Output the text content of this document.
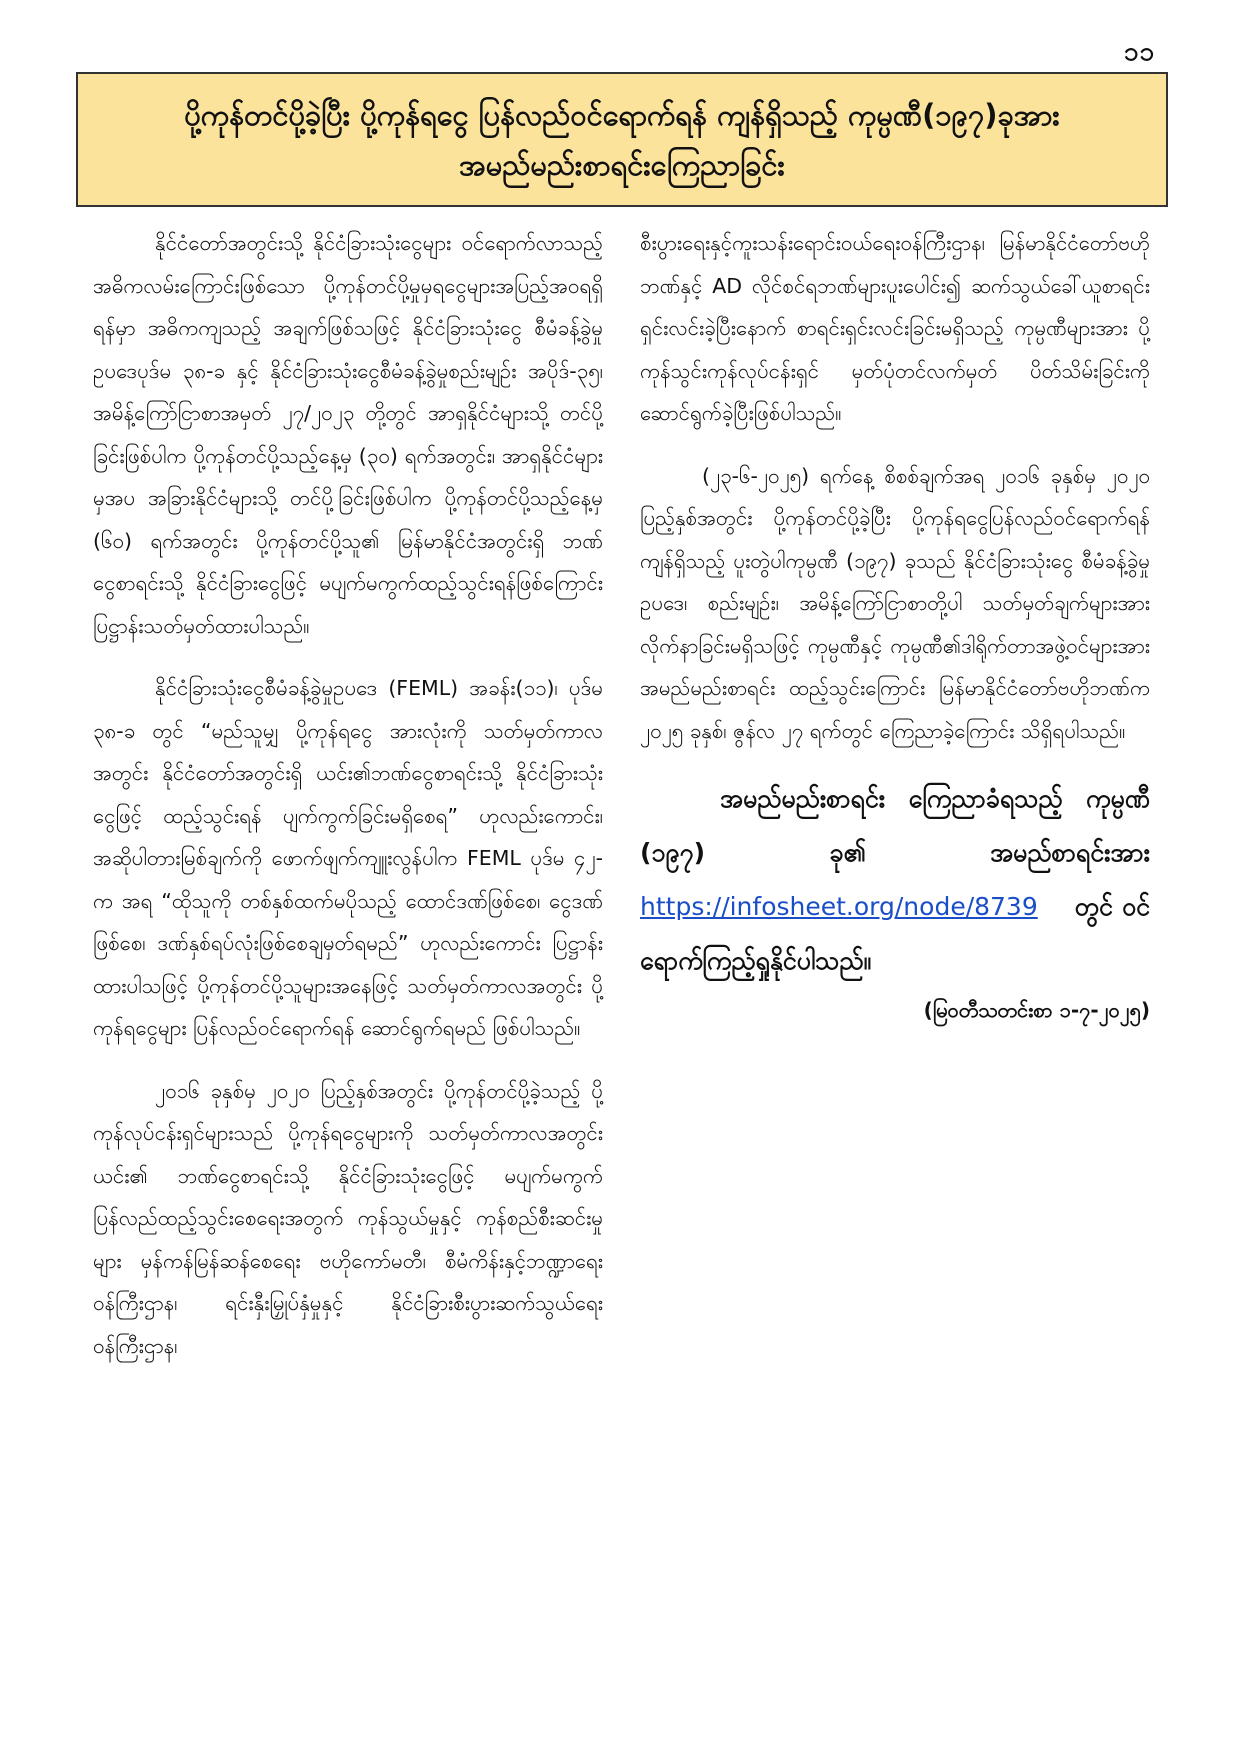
၁၁
ပို့ကုန်တင်ပို့ခဲ့ပြီး ပို့ကုန်ရငွေ ပြန်လည်ဝင်ရောက်ရန် ကျန်ရှိသည့် ကုမ္ပဏီ(၁၉၇)ခုအား
အမည်မည်းစာရင်းကြေညာခြင်း

နိုင်ငံတော်အတွင်းသို့ နိုင်ငံခြားသုံးငွေများ ဝင်ရောက်လာသည့် အဓိကလမ်းကြောင်းဖြစ်သော ပို့ကုန်တင်ပို့မှုမှရငွေများအပြည့်အဝရရှိရန်မှာ အဓိကကျသည့် အချက်ဖြစ်သဖြင့် နိုင်ငံခြားသုံးငွေ စီမံခန့်ခွဲမှု ဥပဒေပုဒ်မ ၃၈-ခ နှင့် နိုင်ငံခြားသုံးငွေစီမံခန့်ခွဲမှုစည်းမျဉ်း အပိုဒ်-၃၅၊ အမိန့်ကြော်ငြာစာအမှတ် ၂၇/၂၀၂၃ တို့တွင် အာရှနိုင်ငံများသို့ တင်ပို့ခြင်းဖြစ်ပါက ပို့ကုန်တင်ပို့သည့်နေ့မှ (၃၀) ရက်အတွင်း၊ အာရှနိုင်ငံများမှအပ အခြားနိုင်ငံများသို့ တင်ပို့ခြင်းဖြစ်ပါက ပို့ကုန်တင်ပို့သည့်နေ့မှ (၆၀) ရက်အတွင်း ပို့ကုန်တင်ပို့သူ၏ မြန်မာနိုင်ငံအတွင်းရှိ ဘဏ်ငွေစာရင်းသို့ နိုင်ငံခြားငွေဖြင့် မပျက်မကွက်ထည့်သွင်းရန်ဖြစ်ကြောင်း ပြဋ္ဌာန်းသတ်မှတ်ထားပါသည်။

နိုင်ငံခြားသုံးငွေစီမံခန့်ခွဲမှုဥပဒေ (FEML) အခန်း(၁၁)၊ ပုဒ်မ ၃၈-ခ တွင် “မည်သူမျှ ပို့ကုန်ရငွေ အားလုံးကို သတ်မှတ်ကာလအတွင်း နိုင်ငံတော်အတွင်းရှိ ယင်း၏ဘဏ်ငွေစာရင်းသို့ နိုင်ငံခြားသုံးငွေဖြင့် ထည့်သွင်းရန် ပျက်ကွက်ခြင်းမရှိစေရ” ဟုလည်းကောင်း၊ အဆိုပါတားမြစ်ချက်ကို ဖောက်ဖျက်ကျူးလွန်ပါက FEML ပုဒ်မ ၄၂-က အရ “ထိုသူကို တစ်နှစ်ထက်မပိုသည့် ထောင်ဒဏ်ဖြစ်စေ၊ ငွေဒဏ်ဖြစ်စေ၊ ဒဏ်နှစ်ရပ်လုံးဖြစ်စေချမှတ်ရမည်” ဟုလည်းကောင်း ပြဋ္ဌာန်းထားပါသဖြင့် ပို့ကုန်တင်ပို့သူများအနေဖြင့် သတ်မှတ်ကာလအတွင်း ပို့ကုန်ရငွေများ ပြန်လည်ဝင်ရောက်ရန် ဆောင်ရွက်ရမည် ဖြစ်ပါသည်။

၂၀၁၆ ခုနှစ်မှ ၂၀၂၀ ပြည့်နှစ်အတွင်း ပို့ကုန်တင်ပို့ခဲ့သည့် ပို့ကုန်လုပ်ငန်းရှင်များသည် ပို့ကုန်ရငွေများကို သတ်မှတ်ကာလအတွင်း ယင်း၏ ဘဏ်ငွေစာရင်းသို့ နိုင်ငံခြားသုံးငွေဖြင့် မပျက်မကွက် ပြန်လည်ထည့်သွင်းစေရေးအတွက် ကုန်သွယ်မှုနှင့် ကုန်စည်စီးဆင်းမှုများ မှန်ကန်မြန်ဆန်စေရေး ဗဟိုကော်မတီ၊ စီမံကိန်းနှင့်ဘဏ္ဍာရေးဝန်ကြီးဌာန၊ ရင်းနှီးမြှုပ်နှံမှုနှင့် နိုင်ငံခြားစီးပွားဆက်သွယ်ရေးဝန်ကြီးဌာန၊

စီးပွားရေးနှင့်ကူးသန်းရောင်းဝယ်ရေးဝန်ကြီးဌာန၊ မြန်မာနိုင်ငံတော်ဗဟိုဘဏ်နှင့် AD လိုင်စင်ရဘဏ်များပူးပေါင်း၍ ဆက်သွယ်ခေါ်ယူစာရင်းရှင်းလင်းခဲ့ပြီးနောက် စာရင်းရှင်းလင်းခြင်းမရှိသည့် ကုမ္ပဏီများအား ပို့ကုန်သွင်းကုန်လုပ်ငန်းရှင် မှတ်ပုံတင်လက်မှတ် ပိတ်သိမ်းခြင်းကို ဆောင်ရွက်ခဲ့ပြီးဖြစ်ပါသည်။

(၂၃-၆-၂၀၂၅) ရက်နေ့ စိစစ်ချက်အရ ၂၀၁၆ ခုနှစ်မှ ၂၀၂၀ ပြည့်နှစ်အတွင်း ပို့ကုန်တင်ပို့ခဲ့ပြီး ပို့ကုန်ရငွေပြန်လည်ဝင်ရောက်ရန်ကျန်ရှိသည့် ပူးတွဲပါကုမ္ပဏီ (၁၉၇) ခုသည် နိုင်ငံခြားသုံးငွေ စီမံခန့်ခွဲမှုဥပဒေ၊ စည်းမျဉ်း၊ အမိန့်ကြော်ငြာစာတို့ပါ သတ်မှတ်ချက်များအား လိုက်နာခြင်းမရှိသဖြင့် ကုမ္ပဏီနှင့် ကုမ္ပဏီ၏ဒါရိုက်တာအဖွဲ့ဝင်များအား အမည်မည်းစာရင်း ထည့်သွင်းကြောင်း မြန်မာနိုင်ငံတော်ဗဟိုဘဏ်က ၂၀၂၅ ခုနှစ်၊ ဇွန်လ ၂၇ ရက်တွင် ကြေညာခဲ့ကြောင်း သိရှိရပါသည်။

အမည်မည်းစာရင်း ကြေညာခံရသည့် ကုမ္ပဏီ (၁၉၇) ခု၏ အမည်စာရင်းအား https://infosheet.org/node/8739 တွင် ဝင်ရောက်ကြည့်ရှုနိုင်ပါသည်။
(မြဝတီသတင်းစာ ၁-၇-၂၀၂၅)
